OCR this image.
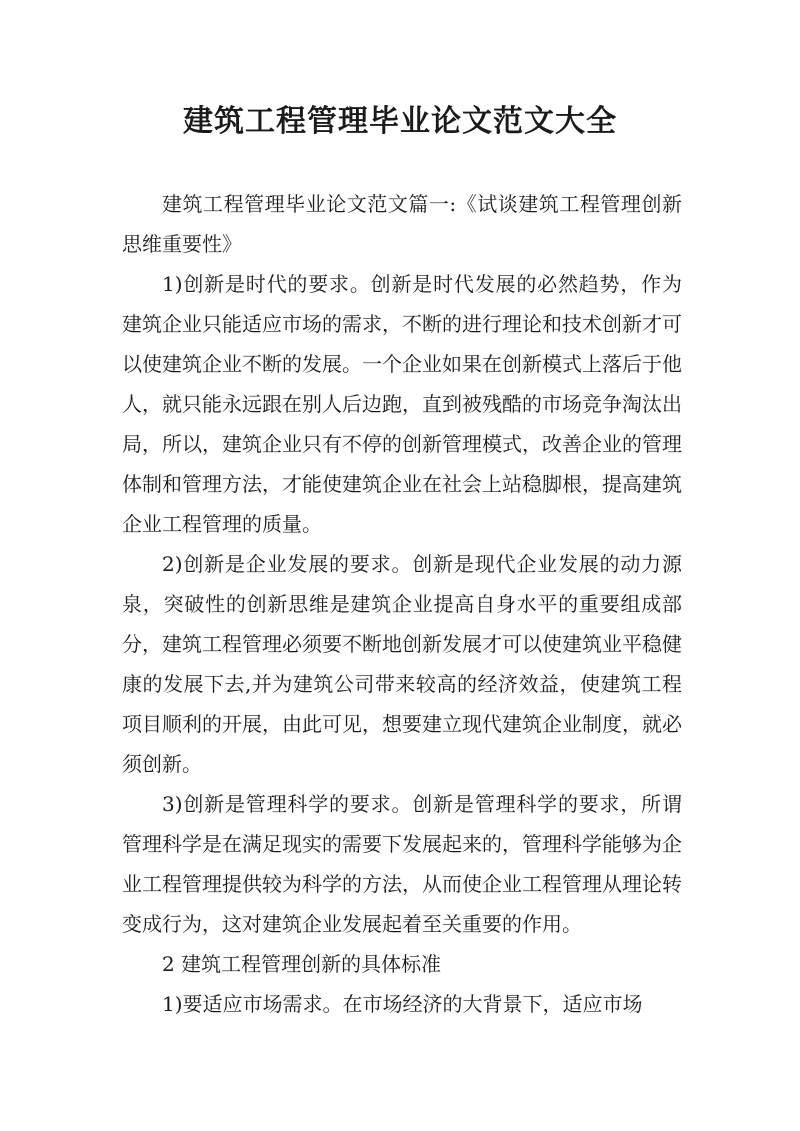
建筑工程管理毕业论文范文大全

建筑工程管理毕业论文范文篇一:《试谈建筑工程管理创新思维重要性》

1)创新是时代的要求。创新是时代发展的必然趋势，作为建筑企业只能适应市场的需求，不断的进行理论和技术创新才可以使建筑企业不断的发展。一个企业如果在创新模式上落后于他人，就只能永远跟在别人后边跑，直到被残酷的市场竞争淘汰出局，所以，建筑企业只有不停的创新管理模式，改善企业的管理体制和管理方法，才能使建筑企业在社会上站稳脚根，提高建筑企业工程管理的质量。

2)创新是企业发展的要求。创新是现代企业发展的动力源泉，突破性的创新思维是建筑企业提高自身水平的重要组成部分，建筑工程管理必须要不断地创新发展才可以使建筑业平稳健康的发展下去,并为建筑公司带来较高的经济效益，使建筑工程项目顺利的开展，由此可见，想要建立现代建筑企业制度，就必须创新。

3)创新是管理科学的要求。创新是管理科学的要求，所谓管理科学是在满足现实的需要下发展起来的，管理科学能够为企业工程管理提供较为科学的方法，从而使企业工程管理从理论转变成行为，这对建筑企业发展起着至关重要的作用。

2 建筑工程管理创新的具体标准

1)要适应市场需求。在市场经济的大背景下，适应市场
